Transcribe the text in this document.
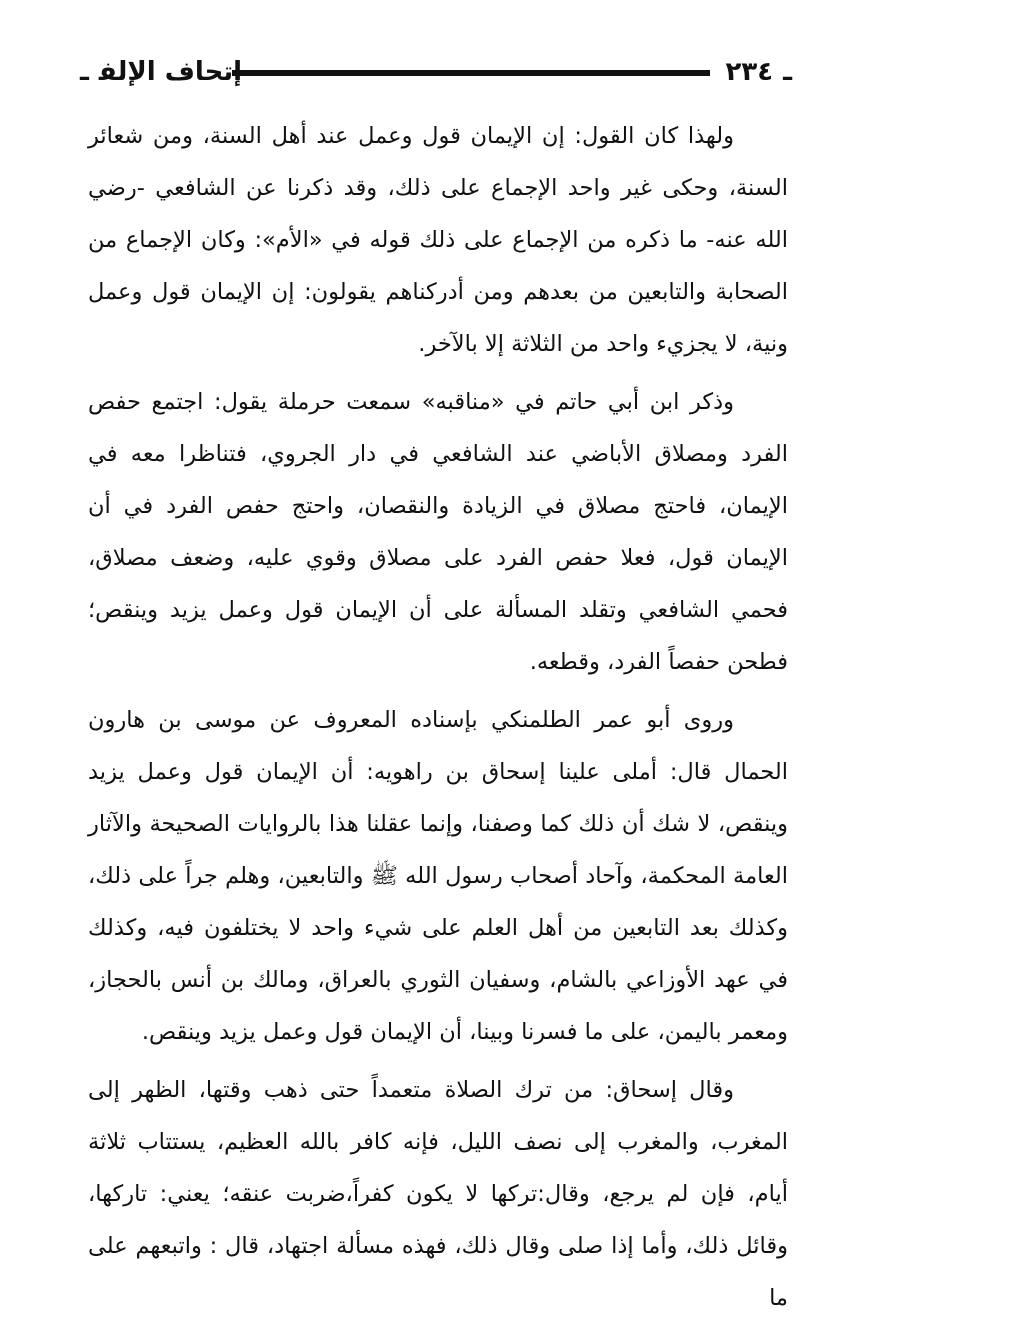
ـ٢٣٤
إتحاف الإلفـ

ولهذا كان القول: إن الإيمان قول وعمل عند أهل السنة، ومن شعائر السنة، وحكى غير واحد الإجماع على ذلك، وقد ذكرنا عن الشافعي -رضي الله عنه- ما ذكره من الإجماع على ذلك قوله في «الأم»: وكان الإجماع من الصحابة والتابعين من بعدهم ومن أدركناهم يقولون: إن الإيمان قول وعمل ونية، لا يجزيء واحد من الثلاثة إلا بالآخر.

وذكر ابن أبي حاتم في «مناقبه» سمعت حرملة يقول: اجتمع حفص الفرد ومصلاق الأباضي عند الشافعي في دار الجروي، فتناظرا معه في الإيمان، فاحتج مصلاق في الزيادة والنقصان، واحتج حفص الفرد في أن الإيمان قول، فعلا حفص الفرد على مصلاق وقوي عليه، وضعف مصلاق، فحمي الشافعي وتقلد المسألة على أن الإيمان قول وعمل يزيد وينقص؛ فطحن حفصاً الفرد، وقطعه.

وروى أبو عمر الطلمنكي بإسناده المعروف عن موسى بن هارون الحمال قال: أملى علينا إسحاق بن راهويه: أن الإيمان قول وعمل يزيد وينقص، لا شك أن ذلك كما وصفنا، وإنما عقلنا هذا بالروايات الصحيحة والآثار العامة المحكمة، وآحاد أصحاب رسول الله ﷺ والتابعين، وهلم جراً على ذلك، وكذلك بعد التابعين من أهل العلم على شيء واحد لا يختلفون فيه، وكذلك في عهد الأوزاعي بالشام، وسفيان الثوري بالعراق، ومالك بن أنس بالحجاز، ومعمر باليمن، على ما فسرنا وبينا، أن الإيمان قول وعمل يزيد وينقص.

وقال إسحاق: من ترك الصلاة متعمداً حتى ذهب وقتها، الظهر إلى المغرب، والمغرب إلى نصف الليل، فإنه كافر بالله العظيم، يستتاب ثلاثة أيام، فإن لم يرجع، وقال:تركها لا يكون كفراً،ضربت عنقه؛ يعني: تاركها، وقائل ذلك، وأما إذا صلى وقال ذلك، فهذه مسألة اجتهاد، قال : واتبعهم على ما
